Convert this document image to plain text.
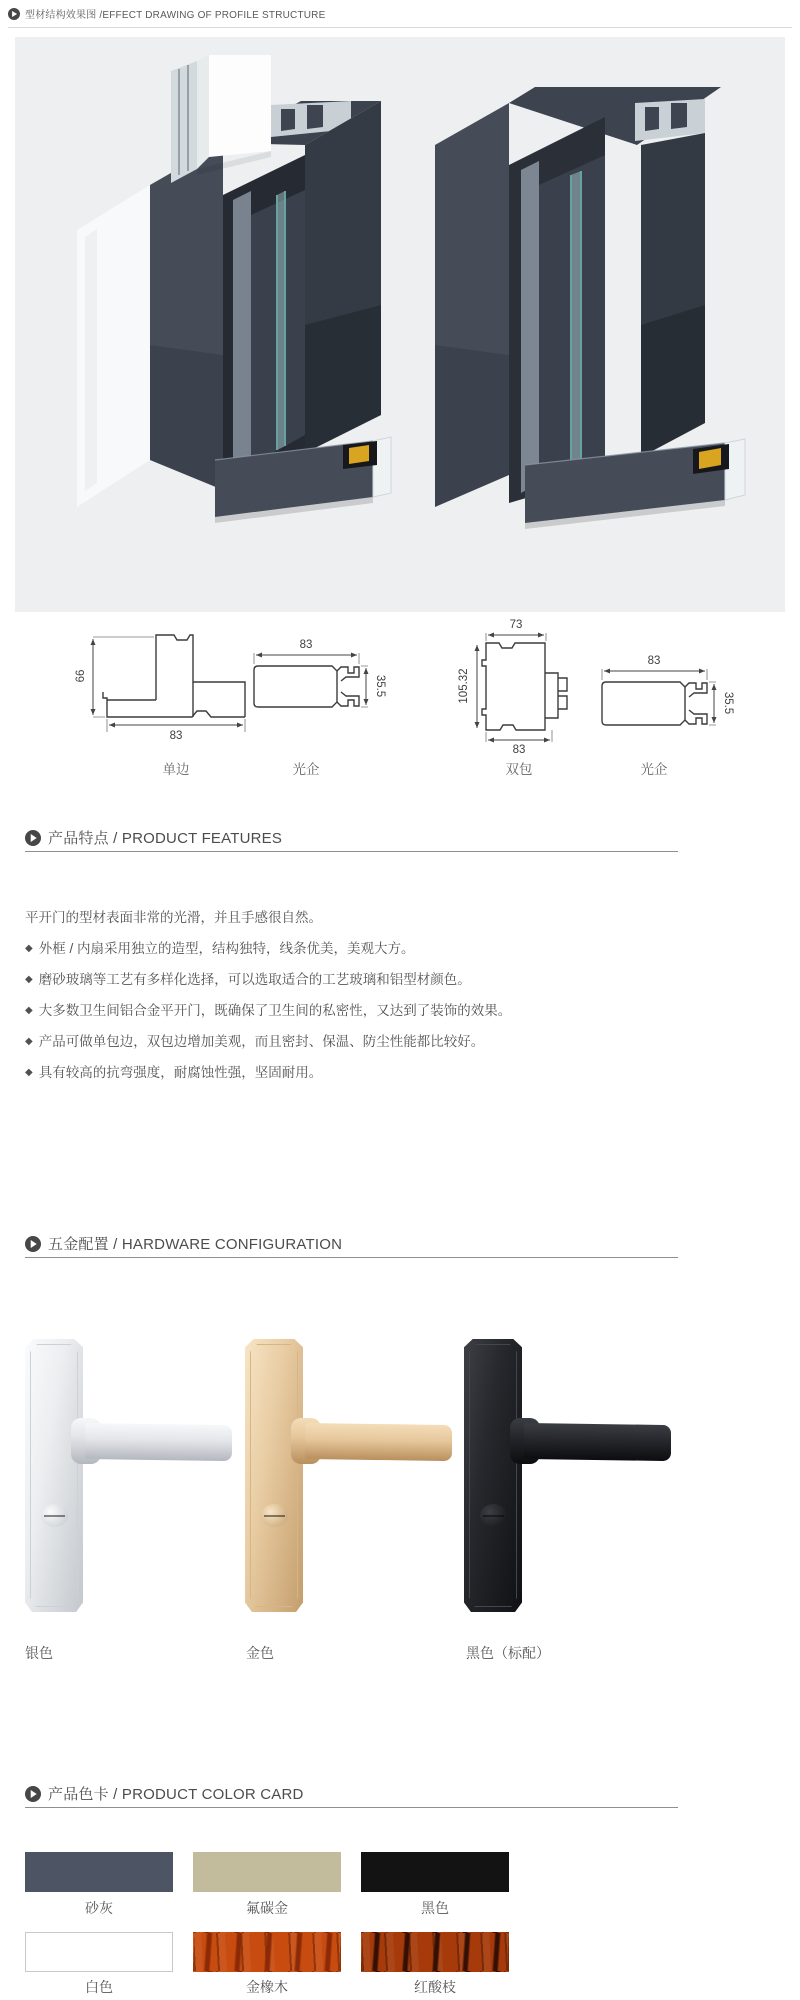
型材结构效果图 /EFFECT DRAWING OF PROFILE STRUCTURE
66
83
单边
83
35.5
光企
73
105.32
83
双包
83
35.5
光企
产品特点 / PRODUCT FEATURES
平开门的型材表面非常的光滑，并且手感很自然。
◆ 外框 / 内扇采用独立的造型，结构独特，线条优美，美观大方。
◆ 磨砂玻璃等工艺有多样化选择，可以选取适合的工艺玻璃和铝型材颜色。
◆ 大多数卫生间铝合金平开门，既确保了卫生间的私密性，又达到了装饰的效果。
◆ 产品可做单包边，双包边增加美观，而且密封、保温、防尘性能都比较好。
◆ 具有较高的抗弯强度，耐腐蚀性强，坚固耐用。
五金配置 / HARDWARE CONFIGURATION
银色	金色	黑色（标配）
产品色卡 / PRODUCT COLOR CARD
砂灰	氟碳金	黑色
白色	金橡木	红酸枝
